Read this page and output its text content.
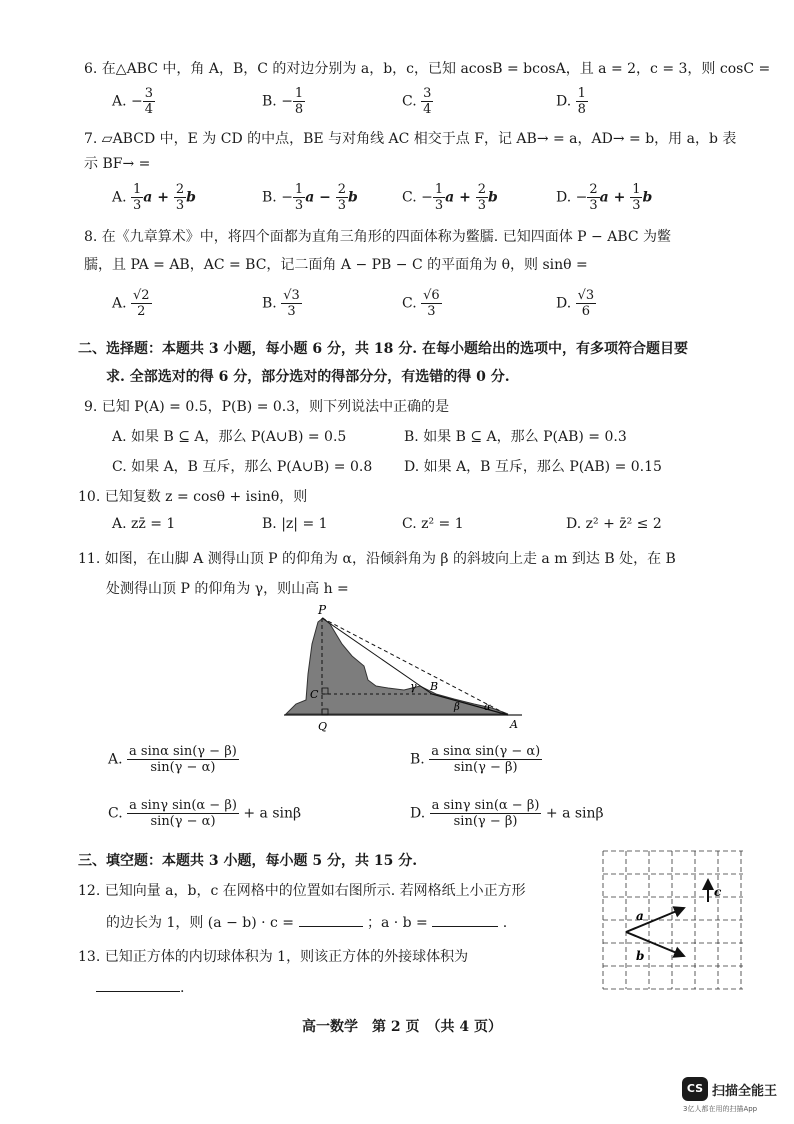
6. 在△ABC 中，角 A，B，C 的对边分别为 a，b，c，已知 acosB = bcosA，且 a = 2，c = 3，则 cosC =
A. − $\frac{3}{4}$	B. − $\frac{1}{8}$	C. $\frac{3}{4}$	D. $\frac{1}{8}$
7. ▱ABCD 中，E 为 CD 的中点，BE 与对角线 AC 相交于点 F，记 AB→ = a，AD→ = b，用 a，b 表
示 BF→ =
A. $\frac{1}{3}$ $a + \frac{2}{3}$ b	B. − $\frac{1}{3}$ $a - \frac{2}{3}$ b	C. − $\frac{1}{3}$ $a + \frac{2}{3}$ b	D. − $\frac{2}{3}$ $a + \frac{1}{3}$ b
8. 在《九章算术》中，将四个面都为直角三角形的四面体称为鳖臑. 已知四面体 P − ABC 为鳖
臑，且 PA = AB，AC = BC，记二面角 A − PB − C 的平面角为 θ，则 sinθ =
A. $\frac{√2}{2}$	B. $\frac{√3}{3}$	C. $\frac{√6}{3}$	D. $\frac{√3}{6}$
二、选择题：本题共 3 小题，每小题 6 分，共 18 分. 在每小题给出的选项中，有多项符合题目要
求. 全部选对的得 6 分，部分选对的得部分分，有选错的得 0 分.
9. 已知 P(A) = 0.5，P(B) = 0.3，则下列说法中正确的是
A. 如果 B ⊆ A，那么 P(A∪B) = 0.5	B. 如果 B ⊆ A，那么 P(AB) = 0.3
C. 如果 A，B 互斥，那么 P(A∪B) = 0.8 D. 如果 A，B 互斥，那么 P(AB) = 0.15
10. 已知复数 z = cosθ + isinθ，则
A. zz̄ = 1	B. |z| = 1	C. z² = 1	D. z² + z̄² ≤ 2
11. 如图，在山脚 A 测得山顶 P 的仰角为 α，沿倾斜角为 β 的斜坡向上走 a m 到达 B 处，在 B
处测得山顶 P 的仰角为 γ，则山高 h =
P
B
C
Q	A
γ
β α
A. $\frac{\text{a sinα sin(γ − β)}}{\sin(\gamma - \alpha)}$	B. $\frac{\text{a sinα sin(γ − α)}}{\sin(\gamma - \beta)}$
C. $\frac{\text{a sinγ sin(α − β)}}{\sin(\gamma - \alpha)} + a$ sinβ	D. $\frac{\text{a sinγ sin(α − β)}}{\sin(\gamma - \beta)} + a$ sinβ
三、填空题：本题共 3 小题，每小题 5 分，共 15 分.
12. 已知向量 a，b，c 在网格中的位置如右图所示. 若网格纸上小正方形
的边长为 1，则 (a − b) · c =	；a · b =	.	a
b
c
13. 已知正方体的内切球体积为 1，则该正方体的外接球体积为
.
高一数学　第 2 页　（共 4 页）
CS 扫描全能王
3亿人都在用的扫描App
